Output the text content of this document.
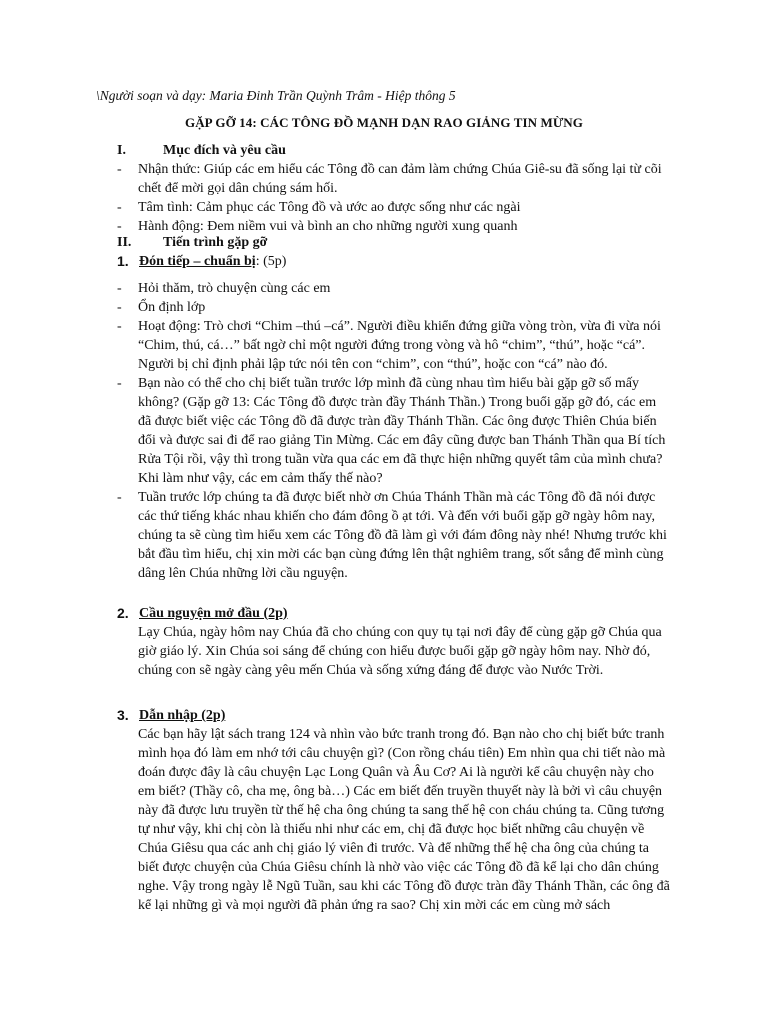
\Người soạn và dạy: Maria Đinh Trần Quỳnh Trâm - Hiệp thông 5
GẶP GỠ 14: CÁC TÔNG ĐỒ MẠNH DẠN RAO GIẢNG TIN MỪNG
I.	Mục đích và yêu cầu
- Nhận thức: Giúp các em hiểu các Tông đồ can đảm làm chứng Chúa Giê-su đã sống lại từ cõi chết để mời gọi dân chúng sám hối.
- Tâm tình: Cảm phục các Tông đồ và ước ao được sống như các ngài
- Hành động: Đem niềm vui và bình an cho những người xung quanh
II. Tiến trình gặp gỡ
1. Đón tiếp – chuẩn bị: (5p)
- Hỏi thăm, trò chuyện cùng các em
- Ổn định lớp
- Hoạt động: Trò chơi “Chim –thú –cá”. Người điều khiển đứng giữa vòng tròn, vừa đi vừa nói “Chim, thú, cá…” bất ngờ chỉ một người đứng trong vòng và hô “chim”, “thú”, hoặc “cá”. Người bị chỉ định phải lập tức nói tên con “chim”, con “thú”, hoặc con “cá” nào đó.
- Bạn nào có thể cho chị biết tuần trước lớp mình đã cùng nhau tìm hiểu bài gặp gỡ số mấy không? (Gặp gỡ 13: Các Tông đồ được tràn đầy Thánh Thần.) Trong buổi gặp gỡ đó, các em đã được biết việc các Tông đồ đã được tràn đầy Thánh Thần. Các ông được Thiên Chúa biến đổi và được sai đi để rao giảng Tin Mừng. Các em đây cũng được ban Thánh Thần qua Bí tích Rửa Tội rồi, vậy thì trong tuần vừa qua các em đã thực hiện những quyết tâm của mình chưa? Khi làm như vậy, các em cảm thấy thế nào?
- Tuần trước lớp chúng ta đã được biết nhờ ơn Chúa Thánh Thần mà các Tông đồ đã nói được các thứ tiếng khác nhau khiến cho đám đông ồ ạt tới. Và đến với buổi gặp gỡ ngày hôm nay, chúng ta sẽ cùng tìm hiểu xem các Tông đồ đã làm gì với đám đông này nhé! Nhưng trước khi bắt đầu tìm hiểu, chị xin mời các bạn cùng đứng lên thật nghiêm trang, sốt sắng để mình cùng dâng lên Chúa những lời cầu nguyện.
2. Cầu nguyện mở đầu (2p)
Lạy Chúa, ngày hôm nay Chúa đã cho chúng con quy tụ tại nơi đây để cùng gặp gỡ Chúa qua giờ giáo lý. Xin Chúa soi sáng để chúng con hiểu được buổi gặp gỡ ngày hôm nay. Nhờ đó, chúng con sẽ ngày càng yêu mến Chúa và sống xứng đáng để được vào Nước Trời.
3. Dẫn nhập (2p)
Các bạn hãy lật sách trang 124 và nhìn vào bức tranh trong đó. Bạn nào cho chị biết bức tranh mình họa đó làm em nhớ tới câu chuyện gì? (Con rồng cháu tiên) Em nhìn qua chi tiết nào mà đoán được đây là câu chuyện Lạc Long Quân và Âu Cơ? Ai là người kể câu chuyện này cho em biết? (Thầy cô, cha mẹ, ông bà…) Các em biết đến truyền thuyết này là bởi vì câu chuyện này đã được lưu truyền từ thế hệ cha ông chúng ta sang thế hệ con cháu chúng ta. Cũng tương tự như vậy, khi chị còn là thiếu nhi như các em, chị đã được học biết những câu chuyện về Chúa Giêsu qua các anh chị giáo lý viên đi trước. Và để những thế hệ cha ông của chúng ta biết được chuyện của Chúa Giêsu chính là nhờ vào việc các Tông đồ đã kể lại cho dân chúng nghe. Vậy trong ngày lễ Ngũ Tuần, sau khi các Tông đồ được tràn đầy Thánh Thần, các ông đã kể lại những gì và mọi người đã phản ứng ra sao? Chị xin mời các em cùng mở sách
